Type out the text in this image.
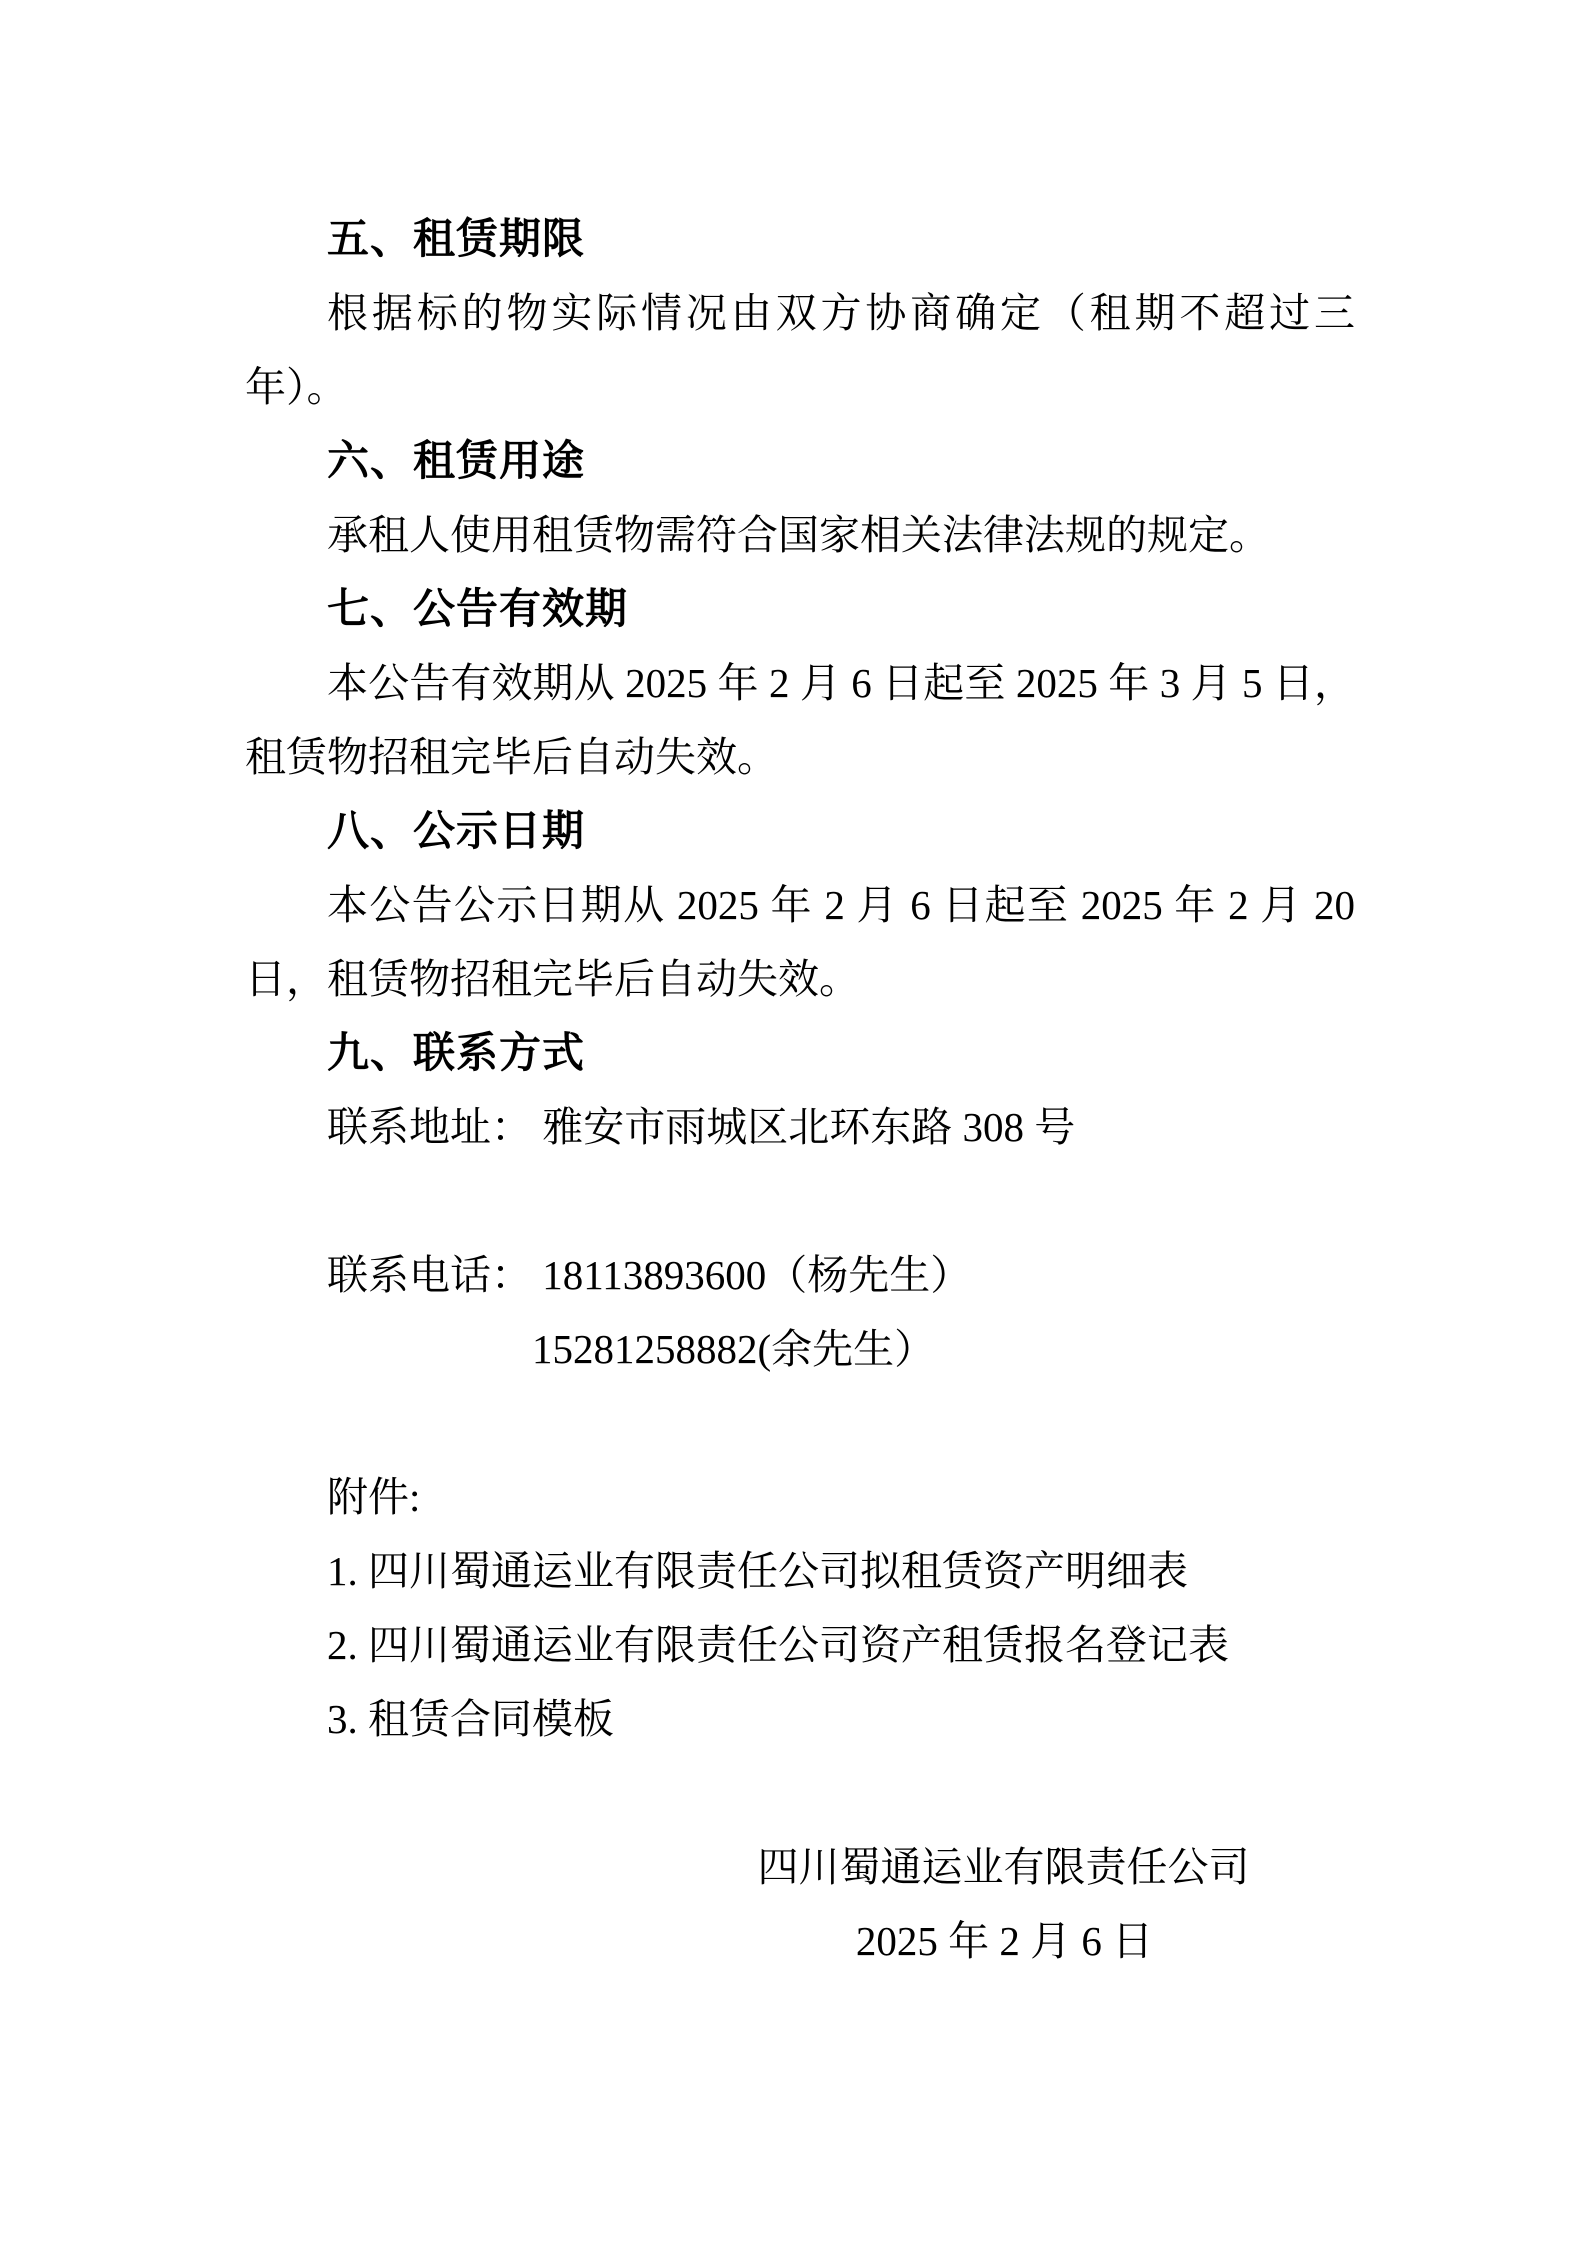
五、租赁期限
根据标的物实际情况由双方协商确定（租期不超过三
年）。
六、租赁用途
承租人使用租赁物需符合国家相关法律法规的规定。
七、公告有效期
本公告有效期从 2025 年 2 月 6 日起至 2025 年 3 月 5 日，
租赁物招租完毕后自动失效。
八、公示日期
本公告公示日期从 2025 年 2 月 6 日起至 2025 年 2 月 20
日，租赁物招租完毕后自动失效。
九、联系方式
联系地址： 雅安市雨城区北环东路 308 号
联系电话： 18113893600（杨先生）
15281258882(余先生）
附件:
1. 四川蜀通运业有限责任公司拟租赁资产明细表
2. 四川蜀通运业有限责任公司资产租赁报名登记表
3. 租赁合同模板
四川蜀通运业有限责任公司
2025 年 2 月 6 日
